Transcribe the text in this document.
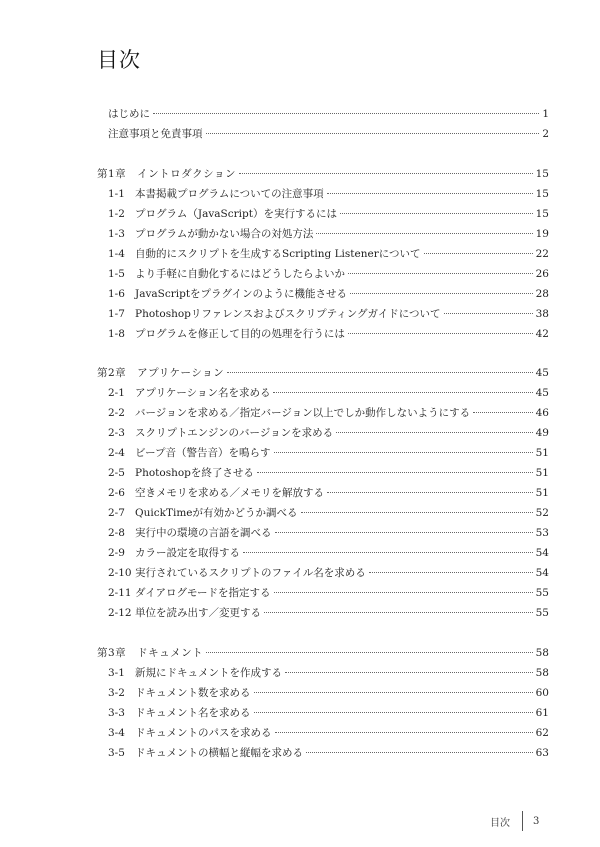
目次
はじめに	1
注意事項と免責事項	2
第1章　イントロダクション	15
1-1 本書掲載プログラムについての注意事項	15
1-2 プログラム（JavaScript）を実行するには	15
1-3 プログラムが動かない場合の対処方法	19
1-4 自動的にスクリプトを生成するScripting Listenerについて	22
1-5 より手軽に自動化するにはどうしたらよいか	26
1-6 JavaScriptをプラグインのように機能させる	28
1-7 Photoshopリファレンスおよびスクリプティングガイドについて	38
1-8 プログラムを修正して目的の処理を行うには	42
第2章　アプリケーション	45
2-1 アプリケーション名を求める	45
2-2 バージョンを求める／指定バージョン以上でしか動作しないようにする	46
2-3 スクリプトエンジンのバージョンを求める	49
2-4 ビープ音（警告音）を鳴らす	51
2-5 Photoshopを終了させる	51
2-6 空きメモリを求める／メモリを解放する	51
2-7 QuickTimeが有効かどうか調べる	52
2-8 実行中の環境の言語を調べる	53
2-9 カラー設定を取得する	54
2-10 実行されているスクリプトのファイル名を求める	54
2-11 ダイアログモードを指定する	55
2-12 単位を読み出す／変更する	55
第3章　ドキュメント	58
3-1 新規にドキュメントを作成する	58
3-2 ドキュメント数を求める	60
3-3 ドキュメント名を求める	61
3-4 ドキュメントのパスを求める	62
3-5 ドキュメントの横幅と縦幅を求める	63
目次 3
